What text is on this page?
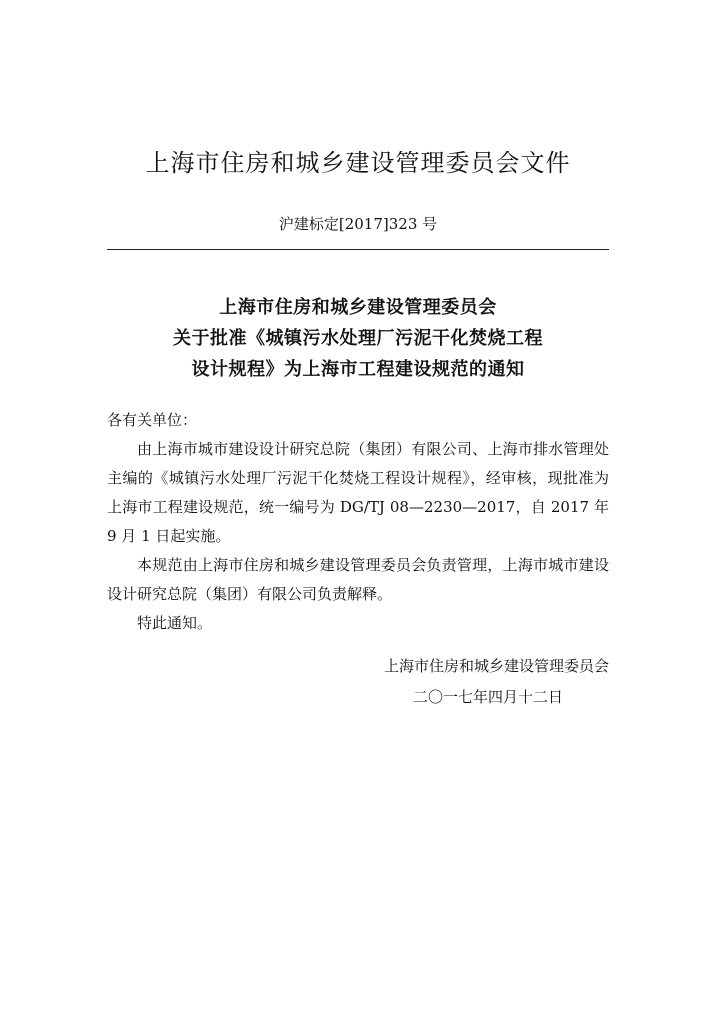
上海市住房和城乡建设管理委员会文件
沪建标定[2017]323 号
上海市住房和城乡建设管理委员会
关于批准《城镇污水处理厂污泥干化焚烧工程
设计规程》为上海市工程建设规范的通知
各有关单位：

由上海市城市建设设计研究总院（集团）有限公司、上海市排水管理处主编的《城镇污水处理厂污泥干化焚烧工程设计规程》，经审核，现批准为上海市工程建设规范，统一编号为 DG/TJ 08—2230—2017，自 2017 年 9 月 1 日起实施。

本规范由上海市住房和城乡建设管理委员会负责管理，上海市城市建设设计研究总院（集团）有限公司负责解释。

特此通知。

上海市住房和城乡建设管理委员会
二〇一七年四月十二日
